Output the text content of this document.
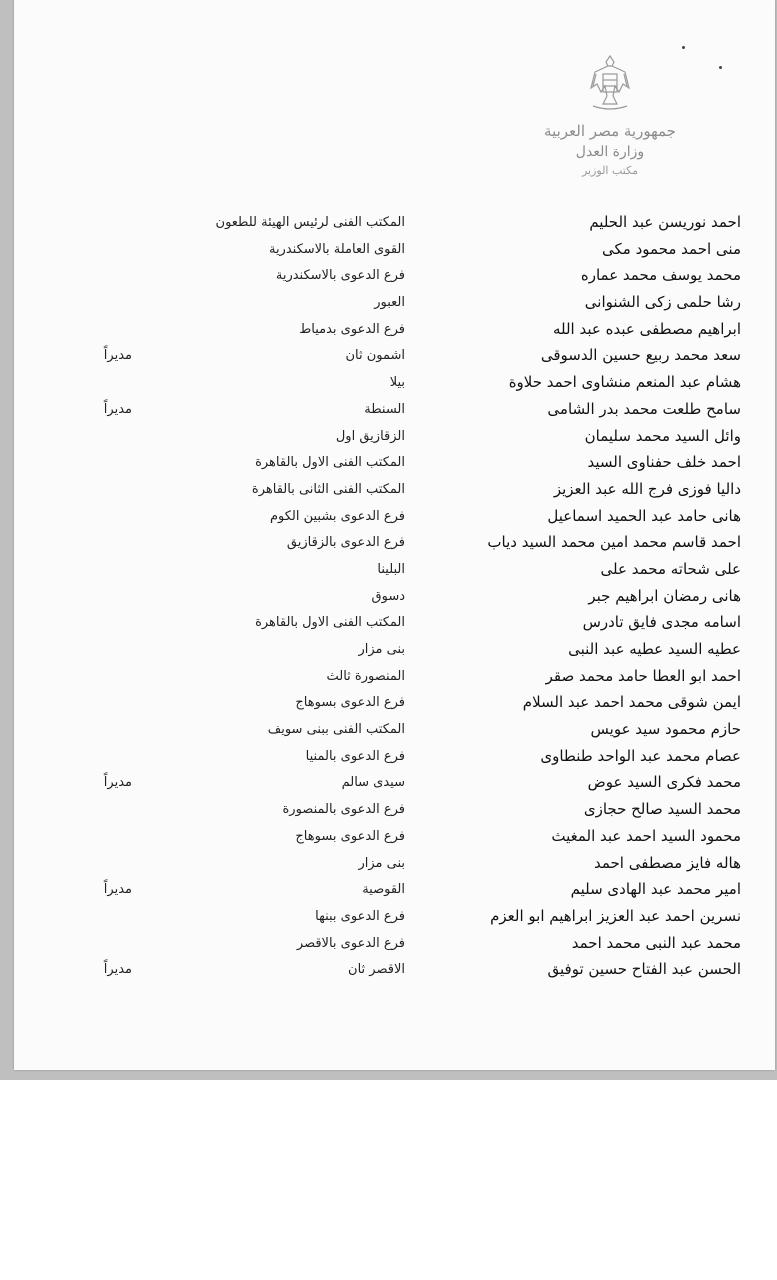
جمهورية مصر العربية
وزارة العدل
مكتب الوزير
احمد نوريسن عبد الحليم
المكتب الفنى لرئيس الهيئة للطعون
منى احمد محمود مكى
القوى العاملة بالاسكندرية
محمد يوسف محمد عماره
فرع الدعوى بالاسكندرية
رشا حلمى زكى الشنوانى
العبور
ابراهيم مصطفى عبده عبد الله
فرع الدعوى بدمياط
سعد محمد ربيع حسين الدسوقى
اشمون ثان
مديراً
هشام عبد المنعم منشاوى احمد حلاوة
بيلا
سامح طلعت محمد بدر الشامى
السنطة
مديراً
وائل السيد محمد سليمان
الزقازيق اول
احمد خلف حفناوى السيد
المكتب الفنى الاول بالقاهرة
داليا فوزى فرج الله عبد العزيز
المكتب الفنى الثانى بالقاهرة
هانى حامد عبد الحميد اسماعيل
فرع الدعوى بشبين الكوم
احمد قاسم محمد امين محمد السيد دياب
فرع الدعوى بالزقازيق
على شحاته محمد على
البلينا
هانى رمضان ابراهيم جبر
دسوق
اسامه مجدى فايق تادرس
المكتب الفنى الاول بالقاهرة
عطيه السيد عطيه عبد النبى
بنى مزار
احمد ابو العطا حامد محمد صقر
المنصورة ثالث
ايمن شوقى محمد احمد عبد السلام
فرع الدعوى بسوهاج
حازم محمود سيد عويس
المكتب الفنى ببنى سويف
عصام محمد عبد الواحد طنطاوى
فرع الدعوى بالمنيا
محمد فكرى السيد عوض
سيدى سالم
مديراً
محمد السيد صالح حجازى
فرع الدعوى بالمنصورة
محمود السيد احمد عبد المغيث
فرع الدعوى بسوهاج
هاله فايز مصطفى احمد
بنى مزار
امير محمد عبد الهادى سليم
القوصية
مديراً
نسرين احمد عبد العزيز ابراهيم ابو العزم
فرع الدعوى ببنها
محمد عبد النبى محمد احمد
فرع الدعوى بالاقصر
الحسن عبد الفتاح حسين توفيق
الاقصر ثان
مديراً
